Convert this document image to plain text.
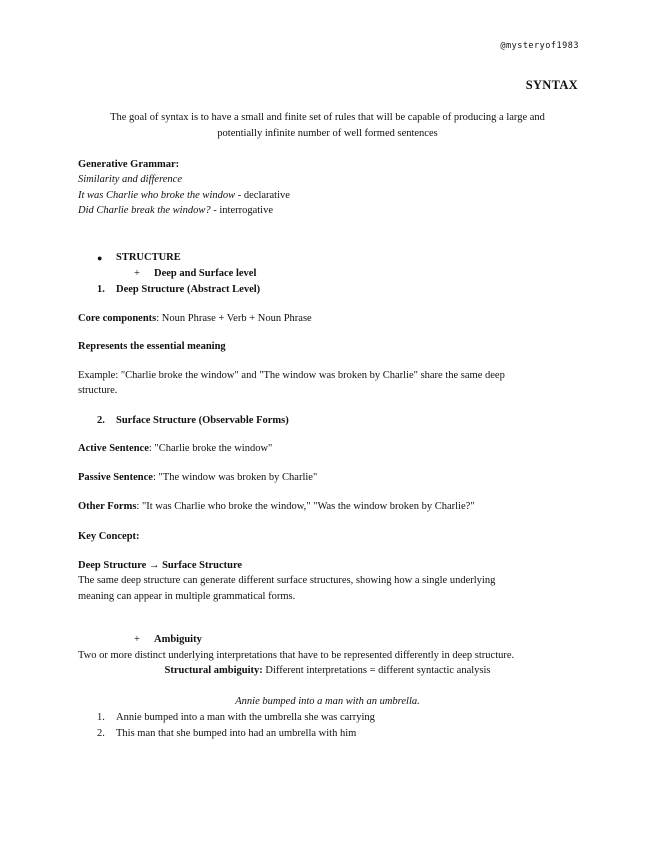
@mysteryof1983
SYNTAX
The goal of syntax is to have a small and finite set of rules that will be capable of producing a large and
potentially infinite number of well formed sentences
Generative Grammar:
Similarity and difference
It was Charlie who broke the window - declarative
Did Charlie break the window? - interrogative
● STRUCTURE
+ Deep and Surface level
1. Deep Structure (Abstract Level)
Core components: Noun Phrase + Verb + Noun Phrase
Represents the essential meaning
Example: "Charlie broke the window" and "The window was broken by Charlie" share the same deep
structure.
2. Surface Structure (Observable Forms)
Active Sentence: "Charlie broke the window"
Passive Sentence: "The window was broken by Charlie"
Other Forms: "It was Charlie who broke the window," "Was the window broken by Charlie?"
Key Concept:
Deep Structure → Surface Structure
The same deep structure can generate different surface structures, showing how a single underlying
meaning can appear in multiple grammatical forms.
+ Ambiguity
Two or more distinct underlying interpretations that have to be represented differently in deep structure.
Structural ambiguity: Different interpretations = different syntactic analysis
Annie bumped into a man with an umbrella.
1. Annie bumped into a man with the umbrella she was carrying
2. This man that she bumped into had an umbrella with him
